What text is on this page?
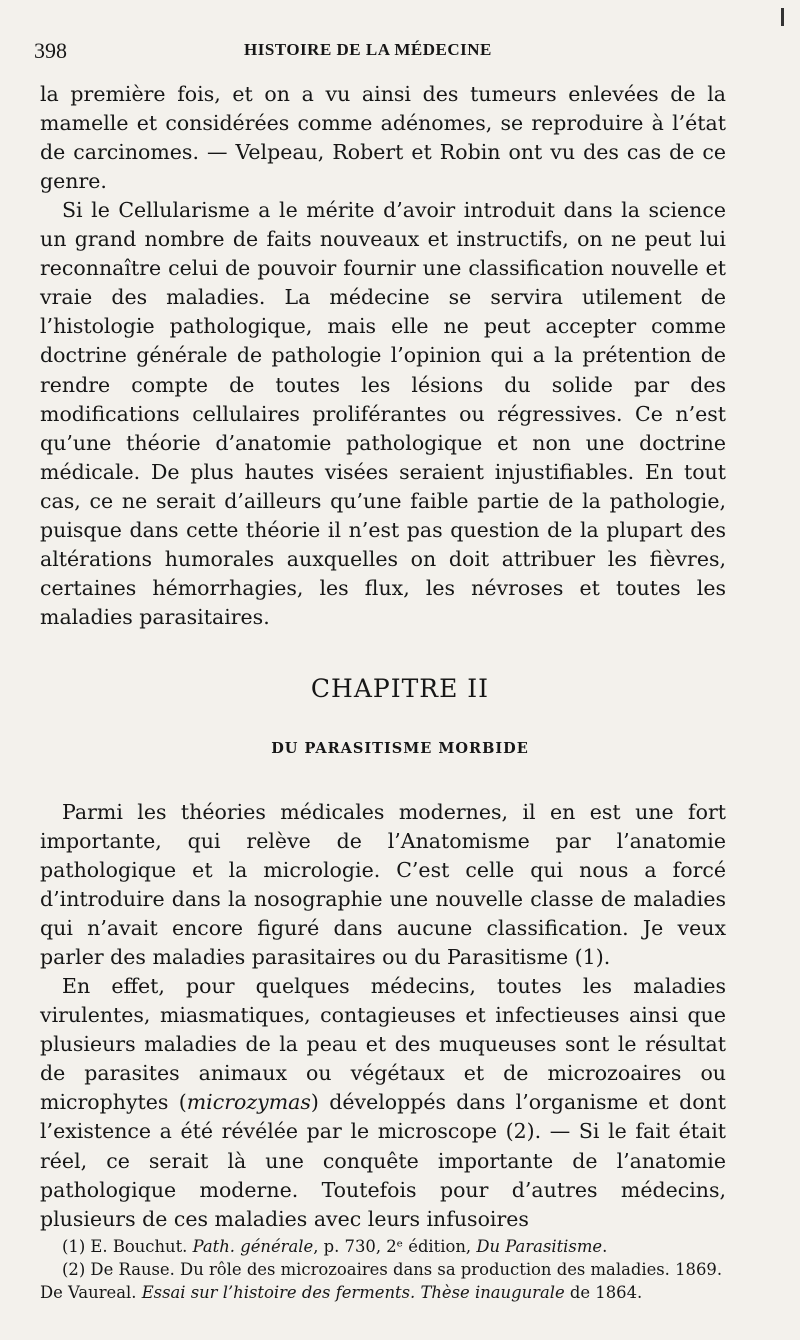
398	HISTOIRE DE LA MÉDECINE

la première fois, et on a vu ainsi des tumeurs enlevées de la mamelle et considérées comme adénomes, se reproduire à l’état de carcinomes. — Velpeau, Robert et Robin ont vu des cas de ce genre.

Si le Cellularisme a le mérite d’avoir introduit dans la science un grand nombre de faits nouveaux et instructifs, on ne peut lui reconnaître celui de pouvoir fournir une classification nouvelle et vraie des maladies. La médecine se servira utilement de l’histologie pathologique, mais elle ne peut accepter comme doctrine générale de pathologie l’opinion qui a la prétention de rendre compte de toutes les lésions du solide par des modifications cellulaires proliférantes ou régressives. Ce n’est qu’une théorie d’anatomie pathologique et non une doctrine médicale. De plus hautes visées seraient injustifiables. En tout cas, ce ne serait d’ailleurs qu’une faible partie de la pathologie, puisque dans cette théorie il n’est pas question de la plupart des altérations humorales auxquelles on doit attribuer les fièvres, certaines hémorrhagies, les flux, les névroses et toutes les maladies parasitaires.

CHAPITRE II
DU PARASITISME MORBIDE

Parmi les théories médicales modernes, il en est une fort importante, qui relève de l’Anatomisme par l’anatomie pathologique et la micrologie. C’est celle qui nous a forcé d’introduire dans la nosographie une nouvelle classe de maladies qui n’avait encore figuré dans aucune classification. Je veux parler des maladies parasitaires ou du Parasitisme (1).

En effet, pour quelques médecins, toutes les maladies virulentes, miasmatiques, contagieuses et infectieuses ainsi que plusieurs maladies de la peau et des muqueuses sont le résultat de parasites animaux ou végétaux et de microzoaires ou microphytes (microzymas) développés dans l’organisme et dont l’existence a été révélée par le microscope (2). — Si le fait était réel, ce serait là une conquête importante de l’anatomie pathologique moderne. Toutefois pour d’autres médecins, plusieurs de ces maladies avec leurs infusoires

(1) E. Bouchut. Path. générale, p. 730, 2ᵉ édition, Du Parasitisme.

(2) De Rause. Du rôle des microzoaires dans sa production des maladies. 1869. De Vaureal. Essai sur l’histoire des ferments. Thèse inaugurale de 1864.
